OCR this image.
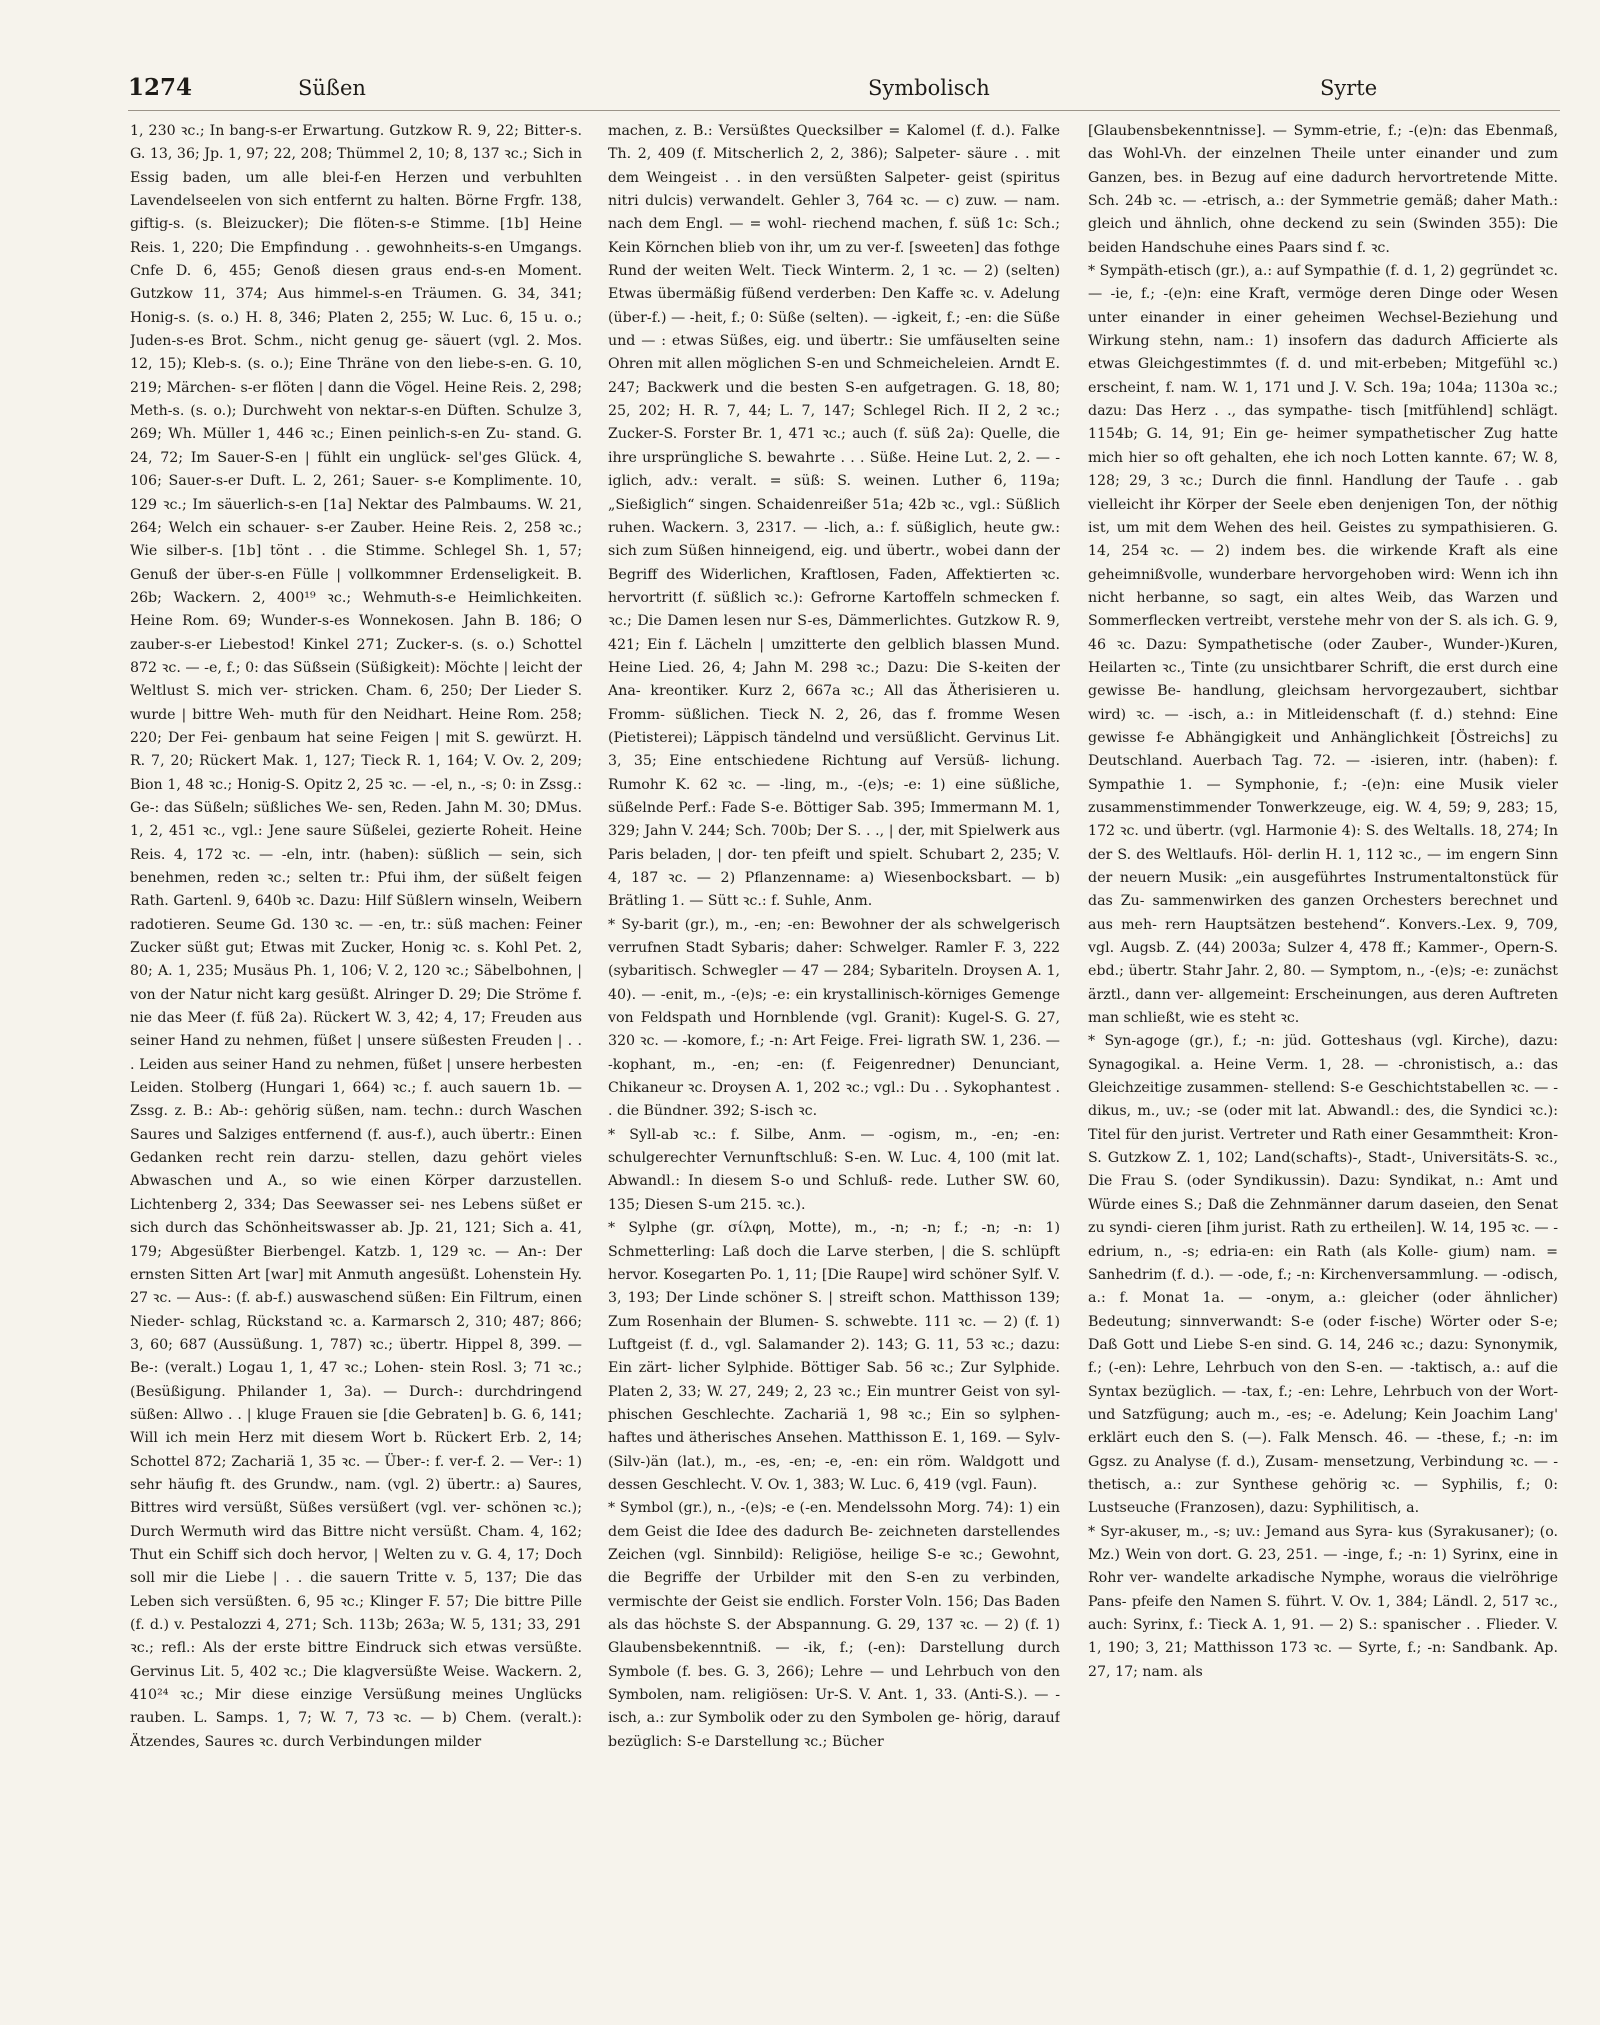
1274	Süßen	Symbolisch	Syrte

1, 230 ꝛc.; In bang-s-er Erwartung. Gutzkow R. 9, 22; Bitter-s. G. 13, 36; Jp. 1, 97; 22, 208; Thümmel 2, 10; 8, 137 ꝛc.; Sich in Essig baden, um alle blei-f-en Herzen und verbuhlten Lavendelseelen von sich entfernt zu halten. Börne Frgfr. 138, giftig-s. (s. Bleizucker); Die flöten-s-e Stimme. [1b] Heine Reis. 1, 220; Die Empfindung . . gewohnheits-s-en Umgangs. Cnfe D. 6, 455; Genoß diesen graus end-s-en Moment. Gutzkow 11, 374; Aus himmel-s-en Träumen. G. 34, 341; Honig-s. (s. o.) H. 8, 346; Platen 2, 255; W. Luc. 6, 15 u. o.; Juden-s-es Brot. Schm., nicht genug ge- säuert (vgl. 2. Mos. 12, 15); Kleb-s. (s. o.); Eine Thräne von den liebe-s-en. G. 10, 219; Märchen- s-er flöten | dann die Vögel. Heine Reis. 2, 298; Meth-s. (s. o.); Durchweht von nektar-s-en Düften. Schulze 3, 269; Wh. Müller 1, 446 ꝛc.; Einen peinlich-s-en Zu- stand. G. 24, 72; Im Sauer-S-en | fühlt ein unglück- sel'ges Glück. 4, 106; Sauer-s-er Duft. L. 2, 261; Sauer- s-e Komplimente. 10, 129 ꝛc.; Im säuerlich-s-en [1a] Nektar des Palmbaums. W. 21, 264; Welch ein schauer- s-er Zauber. Heine Reis. 2, 258 ꝛc.; Wie silber-s. [1b] tönt . . die Stimme. Schlegel Sh. 1, 57; Genuß der über-s-en Fülle | vollkommner Erdenseligkeit. B. 26b; Wackern. 2, 400¹⁹ ꝛc.; Wehmuth-s-e Heimlichkeiten. Heine Rom. 69; Wunder-s-es Wonnekosen. Jahn B. 186; O zauber-s-er Liebestod! Kinkel 271; Zucker-s. (s. o.) Schottel 872 ꝛc. — -e, f.; 0: das Süßsein (Süßigkeit): Möchte | leicht der Weltlust S. mich ver- stricken. Cham. 6, 250; Der Lieder S. wurde | bittre Weh- muth für den Neidhart. Heine Rom. 258; 220; Der Fei- genbaum hat seine Feigen | mit S. gewürzt. H. R. 7, 20; Rückert Mak. 1, 127; Tieck R. 1, 164; V. Ov. 2, 209; Bion 1, 48 ꝛc.; Honig-S. Opitz 2, 25 ꝛc. — -el, n., -s; 0: in Zssg.: Ge-: das Süßeln; süßliches We- sen, Reden. Jahn M. 30; DMus. 1, 2, 451 ꝛc., vgl.: Jene saure Süßelei, gezierte Roheit. Heine Reis. 4, 172 ꝛc. — -eln, intr. (haben): süßlich — sein, sich benehmen, reden ꝛc.; selten tr.: Pfui ihm, der süßelt feigen Rath. Gartenl. 9, 640b ꝛc. Dazu: Hilf Süßlern winseln, Weibern radotieren. Seume Gd. 130 ꝛc. — -en, tr.: süß machen: Feiner Zucker süßt gut; Etwas mit Zucker, Honig ꝛc. s. Kohl Pet. 2, 80; A. 1, 235; Musäus Ph. 1, 106; V. 2, 120 ꝛc.; Säbelbohnen, | von der Natur nicht karg gesüßt. Alringer D. 29; Die Ströme f. nie das Meer (f. füß 2a). Rückert W. 3, 42; 4, 17; Freuden aus seiner Hand zu nehmen, füßet | unsere süßesten Freuden | . . . Leiden aus seiner Hand zu nehmen, füßet | unsere herbesten Leiden. Stolberg (Hungari 1, 664) ꝛc.; f. auch sauern 1b. — Zssg. z. B.: Ab-: gehörig süßen, nam. techn.: durch Waschen Saures und Salziges entfernend (f. aus-f.), auch übertr.: Einen Gedanken recht rein darzu- stellen, dazu gehört vieles Abwaschen und A., so wie einen Körper darzustellen. Lichtenberg 2, 334; Das Seewasser sei- nes Lebens süßet er sich durch das Schönheitswasser ab. Jp. 21, 121; Sich a. 41, 179; Abgesüßter Bierbengel. Katzb. 1, 129 ꝛc. — An-: Der ernsten Sitten Art [war] mit Anmuth angesüßt. Lohenstein Hy. 27 ꝛc. — Aus-: (f. ab-f.) auswaschend süßen: Ein Filtrum, einen Nieder- schlag, Rückstand ꝛc. a. Karmarsch 2, 310; 487; 866; 3, 60; 687 (Aussüßung. 1, 787) ꝛc.; übertr. Hippel 8, 399. — Be-: (veralt.) Logau 1, 1, 47 ꝛc.; Lohen- stein Rosl. 3; 71 ꝛc.; (Besüßigung. Philander 1, 3a). — Durch-: durchdringend süßen: Allwo . . | kluge Frauen sie [die Gebraten] b. G. 6, 141; Will ich mein Herz mit diesem Wort b. Rückert Erb. 2, 14; Schottel 872; Zachariä 1, 35 ꝛc. — Über-: f. ver-f. 2. — Ver-: 1) sehr häufig ft. des Grundw., nam. (vgl. 2) übertr.: a) Saures, Bittres wird versüßt, Süßes versüßert (vgl. ver- schönen ꝛc.); Durch Wermuth wird das Bittre nicht versüßt. Cham. 4, 162; Thut ein Schiff sich doch hervor, | Welten zu v. G. 4, 17; Doch soll mir die Liebe | . . die sauern Tritte v. 5, 137; Die das Leben sich versüßten. 6, 95 ꝛc.; Klinger F. 57; Die bittre Pille (f. d.) v. Pestalozzi 4, 271; Sch. 113b; 263a; W. 5, 131; 33, 291 ꝛc.; refl.: Als der erste bittre Eindruck sich etwas versüßte. Gervinus Lit. 5, 402 ꝛc.; Die klagversüßte Weise. Wackern. 2, 410²⁴ ꝛc.; Mir diese einzige Versüßung meines Unglücks rauben. L. Samps. 1, 7; W. 7, 73 ꝛc. — b) Chem. (veralt.): Ätzendes, Saures ꝛc. durch Verbindungen milder

machen, z. B.: Versüßtes Quecksilber = Kalomel (f. d.). Falke Th. 2, 409 (f. Mitscherlich 2, 2, 386); Salpeter- säure . . mit dem Weingeist . . in den versüßten Salpeter- geist (spiritus nitri dulcis) verwandelt. Gehler 3, 764 ꝛc. — c) zuw. — nam. nach dem Engl. — = wohl- riechend machen, f. süß 1c: Sch.; Kein Körnchen blieb von ihr, um zu ver-f. [sweeten] das fothge Rund der weiten Welt. Tieck Winterm. 2, 1 ꝛc. — 2) (selten) Etwas übermäßig füßend verderben: Den Kaffe ꝛc. v. Adelung (über-f.) — -heit, f.; 0: Süße (selten). — -igkeit, f.; -en: die Süße und — : etwas Süßes, eig. und übertr.: Sie umfäuselten seine Ohren mit allen möglichen S-en und Schmeicheleien. Arndt E. 247; Backwerk und die besten S-en aufgetragen. G. 18, 80; 25, 202; H. R. 7, 44; L. 7, 147; Schlegel Rich. II 2, 2 ꝛc.; Zucker-S. Forster Br. 1, 471 ꝛc.; auch (f. süß 2a): Quelle, die ihre ursprüngliche S. bewahrte . . . Süße. Heine Lut. 2, 2. — -iglich, adv.: veralt. = süß: S. weinen. Luther 6, 119a; „Sießiglich“ singen. Schaidenreißer 51a; 42b ꝛc., vgl.: Süßlich ruhen. Wackern. 3, 2317. — -lich, a.: f. süßiglich, heute gw.: sich zum Süßen hinneigend, eig. und übertr., wobei dann der Begriff des Widerlichen, Kraftlosen, Faden, Affektierten ꝛc. hervortritt (f. süßlich ꝛc.): Gefrorne Kartoffeln schmecken f. ꝛc.; Die Damen lesen nur S-es, Dämmerlichtes. Gutzkow R. 9, 421; Ein f. Lächeln | umzitterte den gelblich blassen Mund. Heine Lied. 26, 4; Jahn M. 298 ꝛc.; Dazu: Die S-keiten der Ana- kreontiker. Kurz 2, 667a ꝛc.; All das Ätherisieren u. Fromm- süßlichen. Tieck N. 2, 26, das f. fromme Wesen (Pietisterei); Läppisch tändelnd und versüßlicht. Gervinus Lit. 3, 35; Eine entschiedene Richtung auf Versüß- lichung. Rumohr K. 62 ꝛc. — -ling, m., -(e)s; -e: 1) eine süßliche, süßelnde Perf.: Fade S-e. Böttiger Sab. 395; Immermann M. 1, 329; Jahn V. 244; Sch. 700b; Der S. . ., | der, mit Spielwerk aus Paris beladen, | dor- ten pfeift und spielt. Schubart 2, 235; V. 4, 187 ꝛc. — 2) Pflanzenname: a) Wiesenbocksbart. — b) Brätling 1. — Sütt ꝛc.: f. Suhle, Anm.

* Sy-barit (gr.), m., -en; -en: Bewohner der als schwelgerisch verrufnen Stadt Sybaris; daher: Schwelger. Ramler F. 3, 222 (sybaritisch. Schwegler — 47 — 284; Sybariteln. Droysen A. 1, 40). — -enit, m., -(e)s; -e: ein krystallinisch-körniges Gemenge von Feldspath und Hornblende (vgl. Granit): Kugel-S. G. 27, 320 ꝛc. — -komore, f.; -n: Art Feige. Frei- ligrath SW. 1, 236. — -kophant, m., -en; -en: (f. Feigenredner) Denunciant, Chikaneur ꝛc. Droysen A. 1, 202 ꝛc.; vgl.: Du . . Sykophantest . . die Bündner. 392; S-isch ꝛc.

* Syll-ab ꝛc.: f. Silbe, Anm. — -ogism, m., -en; -en: schulgerechter Vernunftschluß: S-en. W. Luc. 4, 100 (mit lat. Abwandl.: In diesem S-o und Schluß- rede. Luther SW. 60, 135; Diesen S-um 215. ꝛc.).

* Sylphe (gr. σίλφη, Motte), m., -n; -n; f.; -n; -n: 1) Schmetterling: Laß doch die Larve sterben, | die S. schlüpft hervor. Kosegarten Po. 1, 11; [Die Raupe] wird schöner Sylf. V. 3, 193; Der Linde schöner S. | streift schon. Matthisson 139; Zum Rosenhain der Blumen- S. schwebte. 111 ꝛc. — 2) (f. 1) Luftgeist (f. d., vgl. Salamander 2). 143; G. 11, 53 ꝛc.; dazu: Ein zärt- licher Sylphide. Böttiger Sab. 56 ꝛc.; Zur Sylphide. Platen 2, 33; W. 27, 249; 2, 23 ꝛc.; Ein muntrer Geist von syl- phischen Geschlechte. Zachariä 1, 98 ꝛc.; Ein so sylphen- haftes und ätherisches Ansehen. Matthisson E. 1, 169. — Sylv- (Silv-)än (lat.), m., -es, -en; -e, -en: ein röm. Waldgott und dessen Geschlecht. V. Ov. 1, 383; W. Luc. 6, 419 (vgl. Faun).

* Symbol (gr.), n., -(e)s; -e (-en. Mendelssohn Morg. 74): 1) ein dem Geist die Idee des dadurch Be- zeichneten darstellendes Zeichen (vgl. Sinnbild): Religiöse, heilige S-e ꝛc.; Gewohnt, die Begriffe der Urbilder mit den S-en zu verbinden, vermischte der Geist sie endlich. Forster Voln. 156; Das Baden als das höchste S. der Abspannung. G. 29, 137 ꝛc. — 2) (f. 1) Glaubensbekenntniß. — -ik, f.; (-en): Darstellung durch Symbole (f. bes. G. 3, 266); Lehre — und Lehrbuch von den Symbolen, nam. religiösen: Ur-S. V. Ant. 1, 33. (Anti-S.). — -isch, a.: zur Symbolik oder zu den Symbolen ge- hörig, darauf bezüglich: S-e Darstellung ꝛc.; Bücher

[Glaubensbekenntnisse]. — Symm-etrie, f.; -(e)n: das Ebenmaß, das Wohl-Vh. der einzelnen Theile unter einander und zum Ganzen, bes. in Bezug auf eine dadurch hervortretende Mitte. Sch. 24b ꝛc. — -etrisch, a.: der Symmetrie gemäß; daher Math.: gleich und ähnlich, ohne deckend zu sein (Swinden 355): Die beiden Handschuhe eines Paars sind f. ꝛc.

* Sympäth-etisch (gr.), a.: auf Sympathie (f. d. 1, 2) gegründet ꝛc. — -ie, f.; -(e)n: eine Kraft, vermöge deren Dinge oder Wesen unter einander in einer geheimen Wechsel-Beziehung und Wirkung stehn, nam.: 1) insofern das dadurch Afficierte als etwas Gleichgestimmtes (f. d. und mit-erbeben; Mitgefühl ꝛc.) erscheint, f. nam. W. 1, 171 und J. V. Sch. 19a; 104a; 1130a ꝛc.; dazu: Das Herz . ., das sympathe- tisch [mitfühlend] schlägt. 1154b; G. 14, 91; Ein ge- heimer sympathetischer Zug hatte mich hier so oft gehalten, ehe ich noch Lotten kannte. 67; W. 8, 128; 29, 3 ꝛc.; Durch die finnl. Handlung der Taufe . . gab vielleicht ihr Körper der Seele eben denjenigen Ton, der nöthig ist, um mit dem Wehen des heil. Geistes zu sympathisieren. G. 14, 254 ꝛc. — 2) indem bes. die wirkende Kraft als eine geheimnißvolle, wunderbare hervorgehoben wird: Wenn ich ihn nicht herbanne, so sagt, ein altes Weib, das Warzen und Sommerflecken vertreibt, verstehe mehr von der S. als ich. G. 9, 46 ꝛc. Dazu: Sympathetische (oder Zauber-, Wunder-)Kuren, Heilarten ꝛc., Tinte (zu unsichtbarer Schrift, die erst durch eine gewisse Be- handlung, gleichsam hervorgezaubert, sichtbar wird) ꝛc. — -isch, a.: in Mitleidenschaft (f. d.) stehnd: Eine gewisse f-e Abhängigkeit und Anhänglichkeit [Östreichs] zu Deutschland. Auerbach Tag. 72. — -isieren, intr. (haben): f. Sympathie 1. — Symphonie, f.; -(e)n: eine Musik vieler zusammenstimmender Tonwerkzeuge, eig. W. 4, 59; 9, 283; 15, 172 ꝛc. und übertr. (vgl. Harmonie 4): S. des Weltalls. 18, 274; In der S. des Weltlaufs. Höl- derlin H. 1, 112 ꝛc., — im engern Sinn der neuern Musik: „ein ausgeführtes Instrumentaltonstück für das Zu- sammenwirken des ganzen Orchesters berechnet und aus meh- rern Hauptsätzen bestehend“. Konvers.-Lex. 9, 709, vgl. Augsb. Z. (44) 2003a; Sulzer 4, 478 ff.; Kammer-, Opern-S. ebd.; übertr. Stahr Jahr. 2, 80. — Symptom, n., -(e)s; -e: zunächst ärztl., dann ver- allgemeint: Erscheinungen, aus deren Auftreten man schließt, wie es steht ꝛc.

* Syn-agoge (gr.), f.; -n: jüd. Gotteshaus (vgl. Kirche), dazu: Synagogikal. a. Heine Verm. 1, 28. — -chronistisch, a.: das Gleichzeitige zusammen- stellend: S-e Geschichtstabellen ꝛc. — -dikus, m., uv.; -se (oder mit lat. Abwandl.: des, die Syndici ꝛc.): Titel für den jurist. Vertreter und Rath einer Gesammtheit: Kron-S. Gutzkow Z. 1, 102; Land(schafts)-, Stadt-, Universitäts-S. ꝛc., Die Frau S. (oder Syndikussin). Dazu: Syndikat, n.: Amt und Würde eines S.; Daß die Zehnmänner darum daseien, den Senat zu syndi- cieren [ihm jurist. Rath zu ertheilen]. W. 14, 195 ꝛc. — -edrium, n., -s; edria-en: ein Rath (als Kolle- gium) nam. = Sanhedrim (f. d.). — -ode, f.; -n: Kirchenversammlung. — -odisch, a.: f. Monat 1a. — -onym, a.: gleicher (oder ähnlicher) Bedeutung; sinnverwandt: S-e (oder f-ische) Wörter oder S-e; Daß Gott und Liebe S-en sind. G. 14, 246 ꝛc.; dazu: Synonymik, f.; (-en): Lehre, Lehrbuch von den S-en. — -taktisch, a.: auf die Syntax bezüglich. — -tax, f.; -en: Lehre, Lehrbuch von der Wort- und Satzfügung; auch m., -es; -e. Adelung; Kein Joachim Lang' erklärt euch den S. (—). Falk Mensch. 46. — -these, f.; -n: im Ggsz. zu Analyse (f. d.), Zusam- mensetzung, Verbindung ꝛc. — -thetisch, a.: zur Synthese gehörig ꝛc. — Syphilis, f.; 0: Lustseuche (Franzosen), dazu: Syphilitisch, a.

* Syr-akuser, m., -s; uv.: Jemand aus Syra- kus (Syrakusaner); (o. Mz.) Wein von dort. G. 23, 251. — -inge, f.; -n: 1) Syrinx, eine in Rohr ver- wandelte arkadische Nymphe, woraus die vielröhrige Pans- pfeife den Namen S. führt. V. Ov. 1, 384; Ländl. 2, 517 ꝛc., auch: Syrinx, f.: Tieck A. 1, 91. — 2) S.: spanischer . . Flieder. V. 1, 190; 3, 21; Matthisson 173 ꝛc. — Syrte, f.; -n: Sandbank. Ap. 27, 17; nam. als
